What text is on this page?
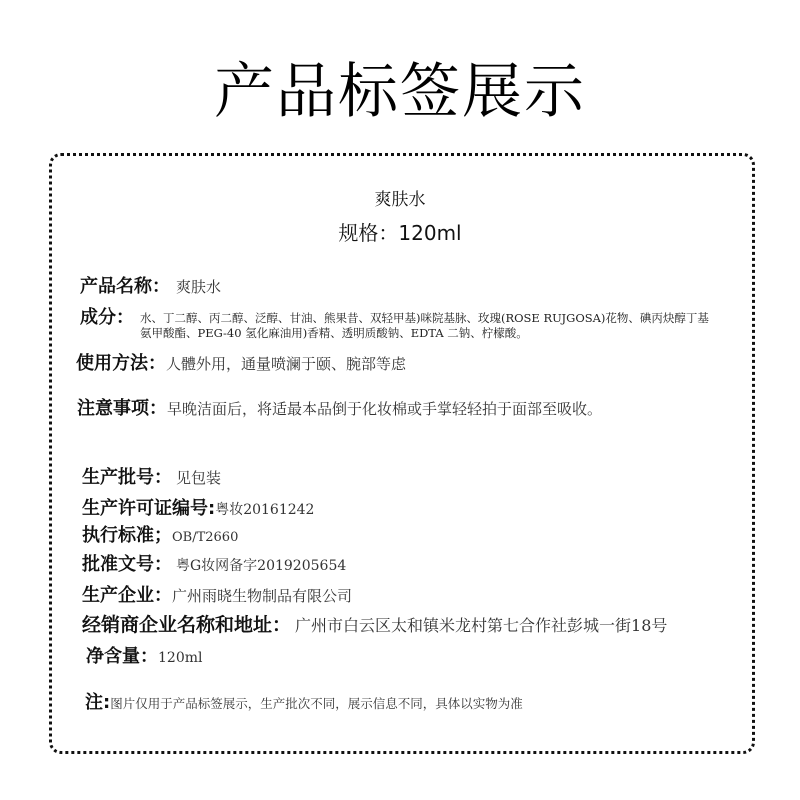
产品标签展示
爽肤水
规格：120ml
产品名称： 爽肤水
成分： 水、丁二醇、丙二醇、泛醇、甘油、熊果昔、双轻甲基)咪院基脉、玫瑰(ROSE RUJGOSA)花物、碘丙炔醇丁基氨甲酸酯、PEG-40 氢化麻油用)香精、透明质酸钠、EDTA 二钠、柠檬酸。
使用方法： 人體外用，通量喷澜于颐、腕部等虑
注意事项： 早晚洁面后，将适最本品倒于化妆棉或手掌轻轻拍于面部至吸收。
生产批号： 见包装
生产许可证编号: 粤妆20161242
执行标准； OB/T2660
批准文号： 粤G妆网备字2019205654
生产企业： 广州雨晓生物制品有限公司
经销商企业名称和地址： 广州市白云区太和镇米龙村第七合作社彭城一街18号
净含量： 120ml
注: 图片仅用于产品标签展示，生产批次不同，展示信息不同，具体以实物为准
